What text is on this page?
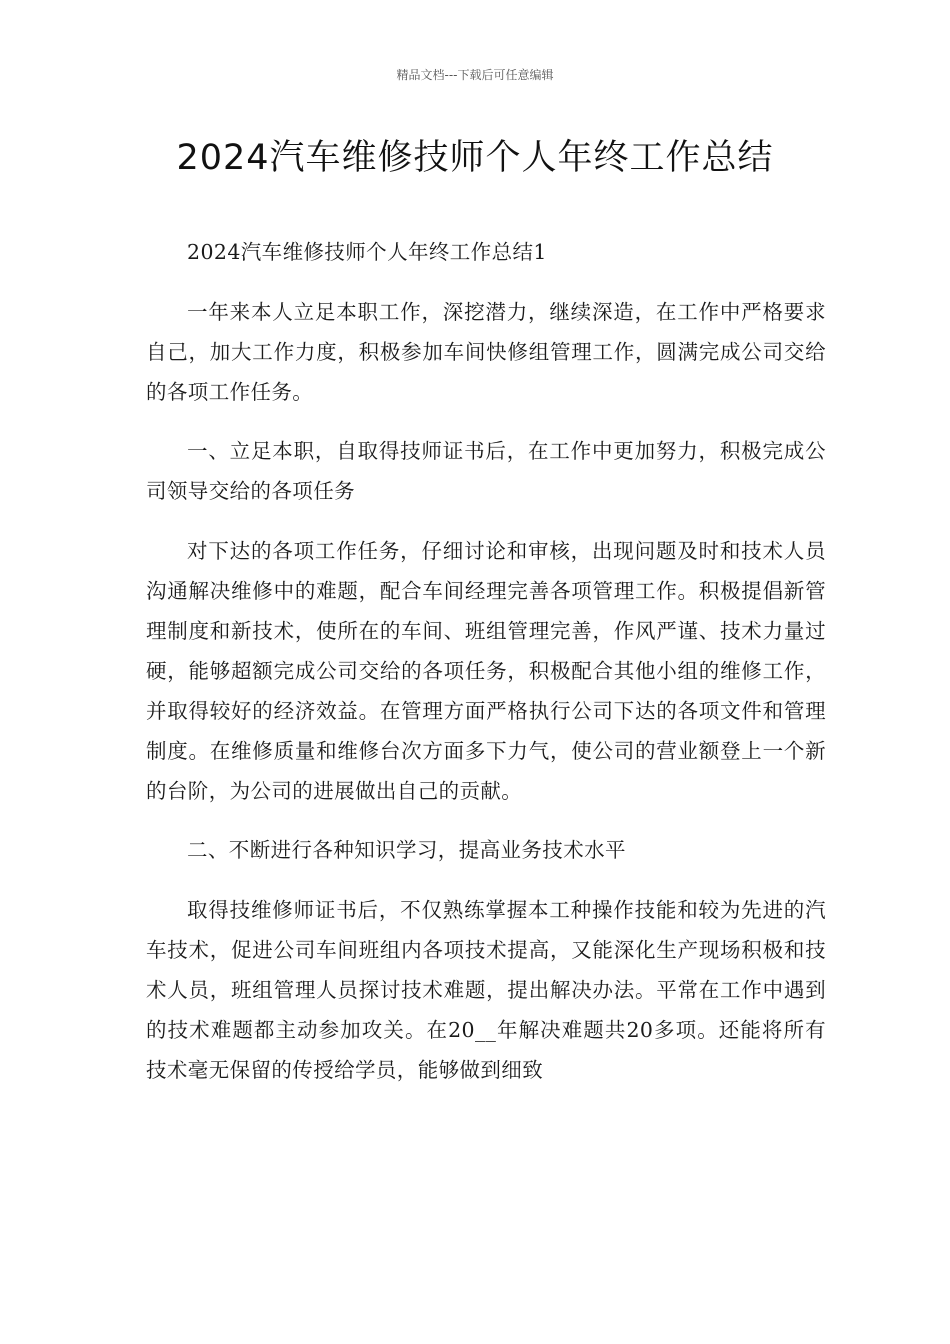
精品文档---下载后可任意编辑
2024汽车维修技师个人年终工作总结

2024汽车维修技师个人年终工作总结1

一年来本人立足本职工作，深挖潜力，继续深造，在工作中严格要求自己，加大工作力度，积极参加车间快修组管理工作，圆满完成公司交给的各项工作任务。

一、立足本职，自取得技师证书后，在工作中更加努力，积极完成公司领导交给的各项任务

对下达的各项工作任务，仔细讨论和审核，出现问题及时和技术人员沟通解决维修中的难题，配合车间经理完善各项管理工作。积极提倡新管理制度和新技术，使所在的车间、班组管理完善，作风严谨、技术力量过硬，能够超额完成公司交给的各项任务，积极配合其他小组的维修工作，并取得较好的经济效益。在管理方面严格执行公司下达的各项文件和管理制度。在维修质量和维修台次方面多下力气，使公司的营业额登上一个新的台阶，为公司的进展做出自己的贡献。

二、不断进行各种知识学习，提高业务技术水平

取得技维修师证书后，不仅熟练掌握本工种操作技能和较为先进的汽车技术，促进公司车间班组内各项技术提高，又能深化生产现场积极和技术人员，班组管理人员探讨技术难题，提出解决办法。平常在工作中遇到的技术难题都主动参加攻关。在20__年解决难题共20多项。还能将所有技术毫无保留的传授给学员，能够做到细致
